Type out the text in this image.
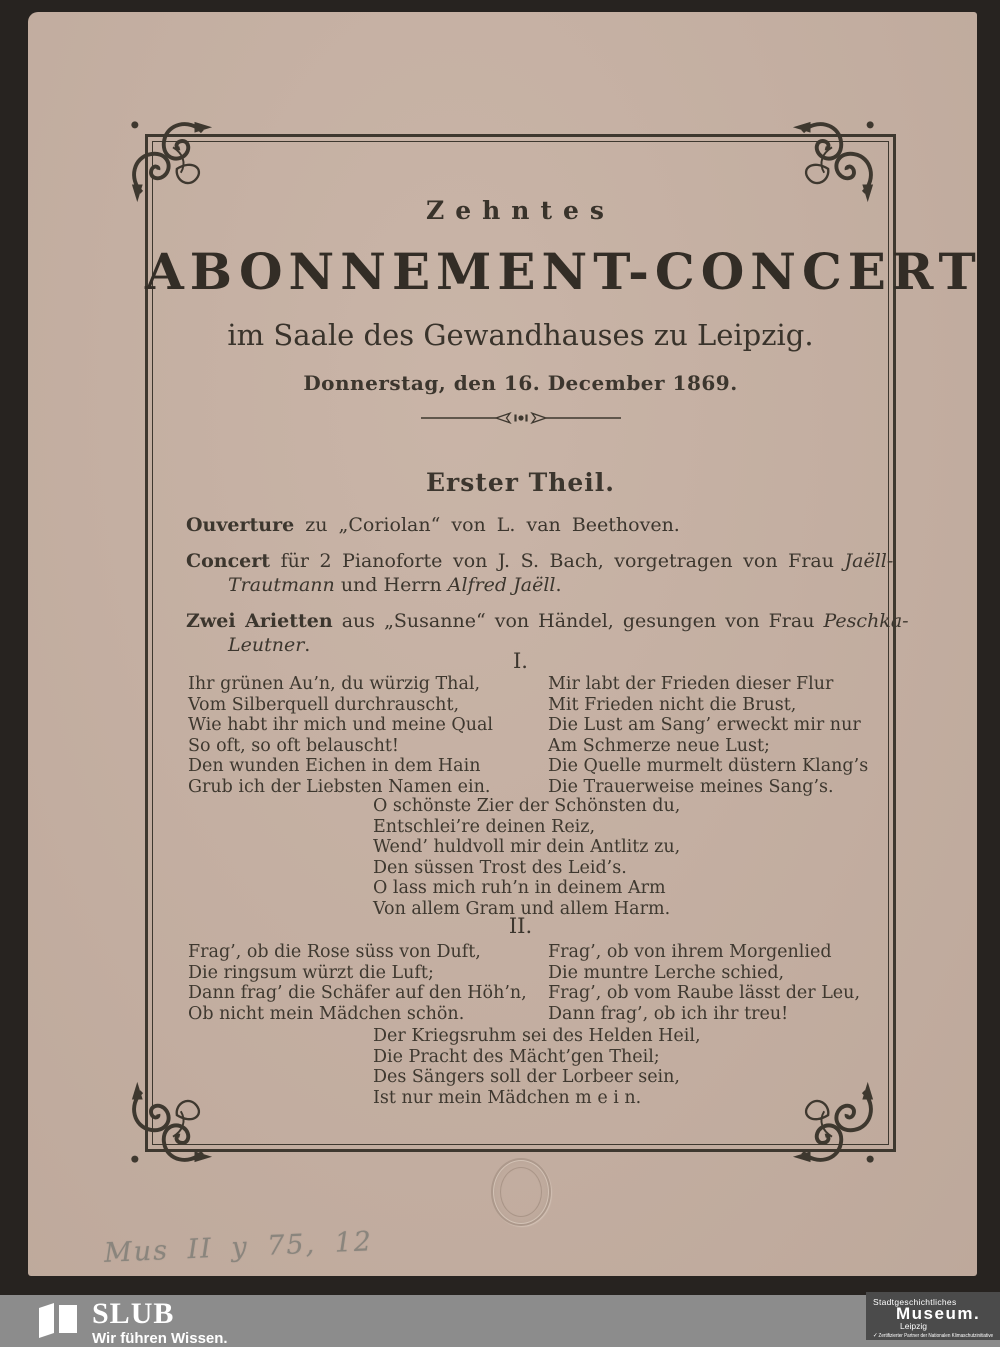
Zehntes
ABONNEMENT-CONCERT
im Saale des Gewandhauses zu Leipzig.
Donnerstag, den 16. December 1869.
Erster Theil.
Ouverture zu „Coriolan“ von L. van Beethoven.
Concert für 2 Pianoforte von J. S. Bach, vorgetragen von Frau Jaëll-
Trautmann und Herrn Alfred Jaëll.
Zwei Arietten aus „Susanne“ von Händel, gesungen von Frau Peschka-
Leutner.
I.
Ihr grünen Au’n, du würzig Thal,
Vom Silberquell durchrauscht,
Wie habt ihr mich und meine Qual
So oft, so oft belauscht!
Den wunden Eichen in dem Hain
Grub ich der Liebsten Namen ein.
Mir labt der Frieden dieser Flur
Mit Frieden nicht die Brust,
Die Lust am Sang’ erweckt mir nur
Am Schmerze neue Lust;
Die Quelle murmelt düstern Klang’s
Die Trauerweise meines Sang’s.
O schönste Zier der Schönsten du,
Entschlei’re deinen Reiz,
Wend’ huldvoll mir dein Antlitz zu,
Den süssen Trost des Leid’s.
O lass mich ruh’n in deinem Arm
Von allem Gram und allem Harm.
II.
Frag’, ob die Rose süss von Duft,
Die ringsum würzt die Luft;
Dann frag’ die Schäfer auf den Höh’n,
Ob nicht mein Mädchen schön.
Frag’, ob von ihrem Morgenlied
Die muntre Lerche schied,
Frag’, ob vom Raube lässt der Leu,
Dann frag’, ob ich ihr treu!
Der Kriegsruhm sei des Helden Heil,
Die Pracht des Mächt’gen Theil;
Des Sängers soll der Lorbeer sein,
Ist nur mein Mädchen m e i n.
Mus II y 75, 12
SLUB
Wir führen Wissen.
Stadtgeschichtliches
Museum.
Leipzig
✓Zertifizierter Partner der Nationalen Klimaschutzinitiative
